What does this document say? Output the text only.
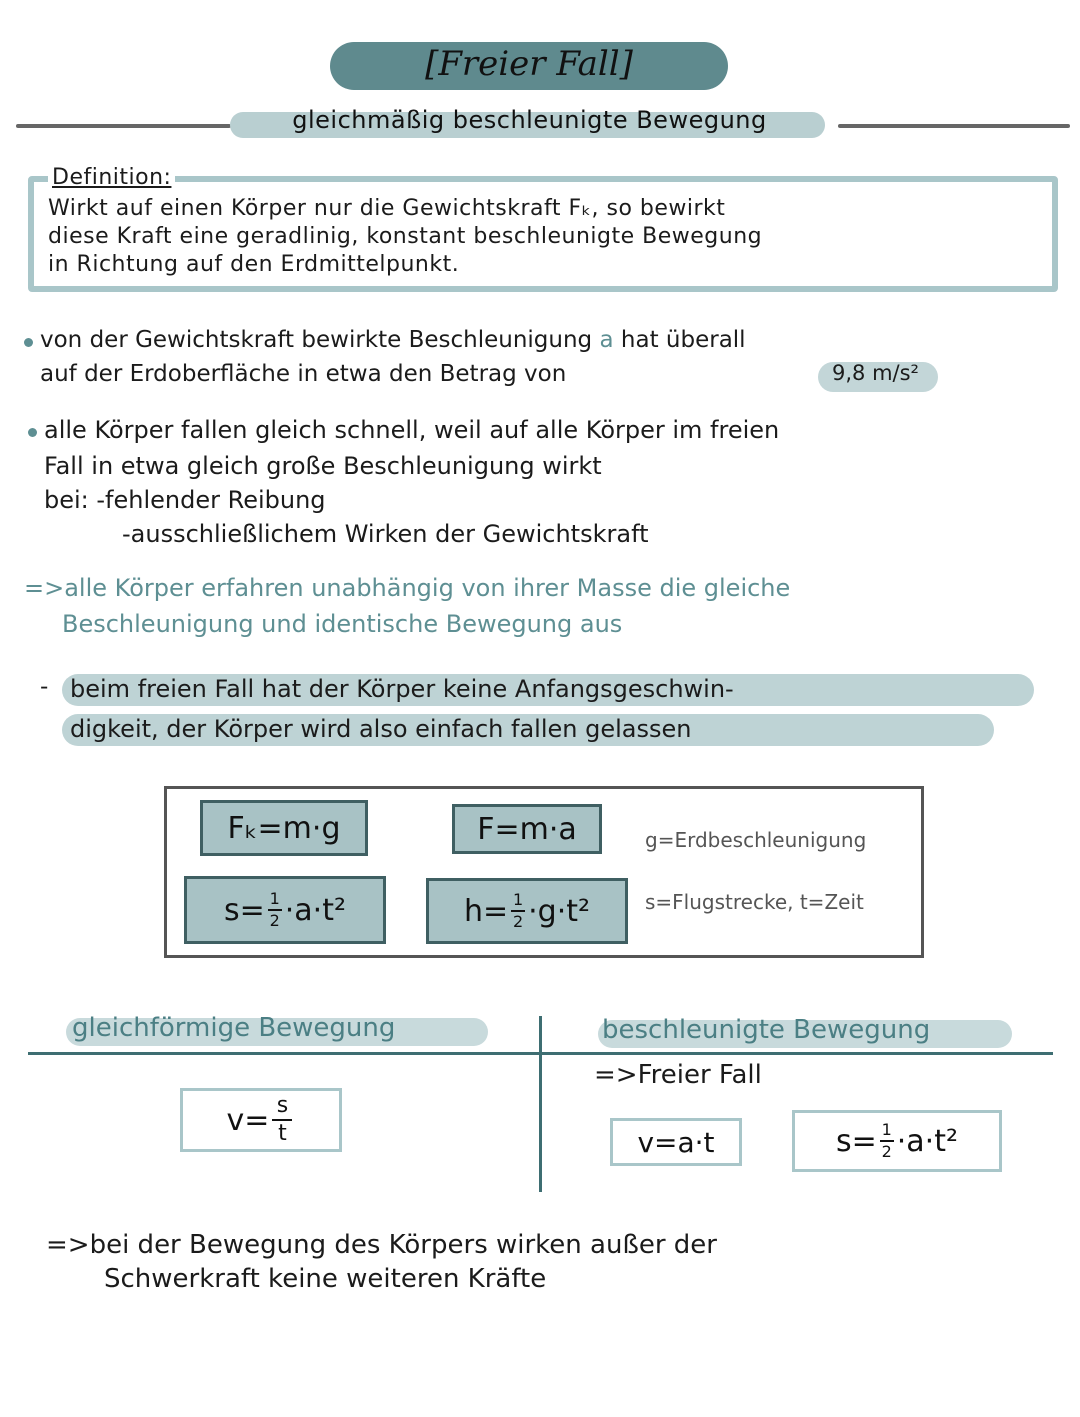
[Freier Fall]
gleichmäßig beschleunigte Bewegung
Definition:
Wirkt auf einen Körper nur die Gewichtskraft Fₖ, so bewirkt
diese Kraft eine geradlinig, konstant beschleunigte Bewegung
in Richtung auf den Erdmittelpunkt.
von der Gewichtskraft bewirkte Beschleunigung a hat überall
auf der Erdoberfläche in etwa den Betrag von	9,8 m/s²
alle Körper fallen gleich schnell, weil auf alle Körper im freien
Fall in etwa gleich große Beschleunigung wirkt
bei: -fehlender Reibung
-ausschließlichem Wirken der Gewichtskraft
=>alle Körper erfahren unabhängig von ihrer Masse die gleiche
Beschleunigung und identische Bewegung aus
- beim freien Fall hat der Körper keine Anfangsgeschwin-
digkeit, der Körper wird also einfach fallen gelassen
Fₖ=m·g	F=m·a	g=Erdbeschleunigung
$s= \frac{1}{2} \cdot a\cdot t^2$	$h= \frac{1}{2} \cdot g\cdot t^2$	s=Flugstrecke, t=Zeit
gleichförmige Bewegung	beschleunigte Bewegung
$v= \frac{s}{t}$
=>Freier Fall
v=a·t	$s= \frac{1}{2} \cdot a\cdot t^2$
=>bei der Bewegung des Körpers wirken außer der
Schwerkraft keine weiteren Kräfte
